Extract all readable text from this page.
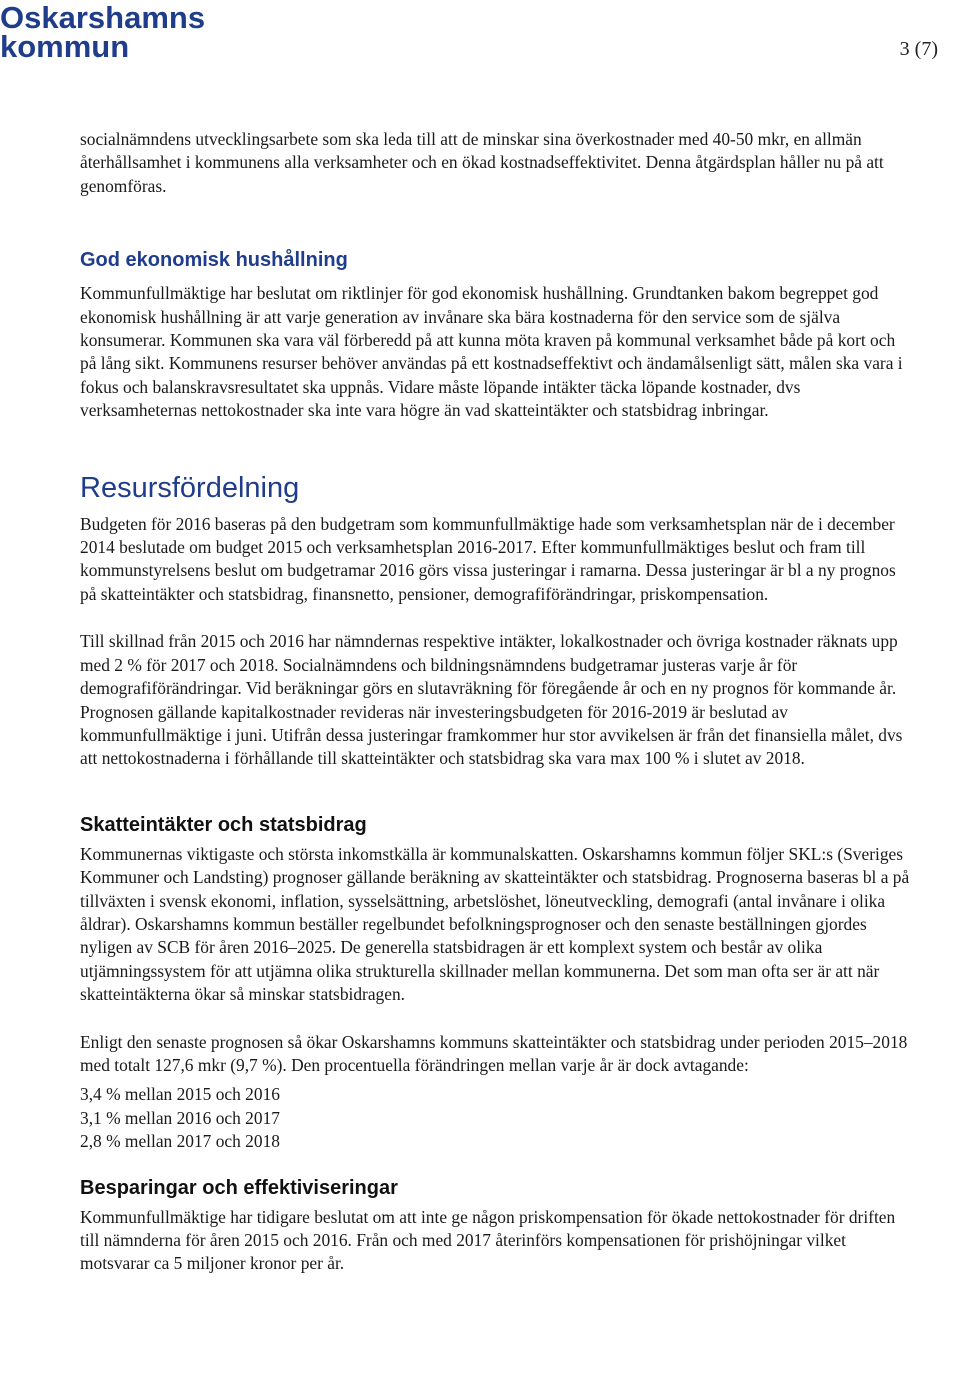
Oskarshamns
kommun	3 (7)

socialnämndens utvecklingsarbete som ska leda till att de minskar sina överkostnader med 40-50 mkr, en allmän återhållsamhet i kommunens alla verksamheter och en ökad kostnadseffektivitet. Denna åtgärdsplan håller nu på att genomföras.

God ekonomisk hushållning

Kommunfullmäktige har beslutat om riktlinjer för god ekonomisk hushållning. Grundtanken bakom begreppet god ekonomisk hushållning är att varje generation av invånare ska bära kostnaderna för den service som de själva konsumerar. Kommunen ska vara väl förberedd på att kunna möta kraven på kommunal verksamhet både på kort och på lång sikt. Kommunens resurser behöver användas på ett kostnadseffektivt och ändamålsenligt sätt, målen ska vara i fokus och balanskravsresultatet ska uppnås. Vidare måste löpande intäkter täcka löpande kostnader, dvs verksamheternas nettokostnader ska inte vara högre än vad skatteintäkter och statsbidrag inbringar.

Resursfördelning

Budgeten för 2016 baseras på den budgetram som kommunfullmäktige hade som verksamhetsplan när de i december 2014 beslutade om budget 2015 och verksamhetsplan 2016-2017. Efter kommunfullmäktiges beslut och fram till kommunstyrelsens beslut om budgetramar 2016 görs vissa justeringar i ramarna. Dessa justeringar är bl a ny prognos på skatteintäkter och statsbidrag, finansnetto, pensioner, demografiförändringar, priskompensation.

Till skillnad från 2015 och 2016 har nämndernas respektive intäkter, lokalkostnader och övriga kostnader räknats upp med 2 % för 2017 och 2018. Socialnämndens och bildningsnämndens budgetramar justeras varje år för demografiförändringar. Vid beräkningar görs en slutavräkning för föregående år och en ny prognos för kommande år. Prognosen gällande kapitalkostnader revideras när investeringsbudgeten för 2016-2019 är beslutad av kommunfullmäktige i juni. Utifrån dessa justeringar framkommer hur stor avvikelsen är från det finansiella målet, dvs att nettokostnaderna i förhållande till skatteintäkter och statsbidrag ska vara max 100 % i slutet av 2018.

Skatteintäkter och statsbidrag

Kommunernas viktigaste och största inkomstkälla är kommunalskatten. Oskarshamns kommun följer SKL:s (Sveriges Kommuner och Landsting) prognoser gällande beräkning av skatteintäkter och statsbidrag. Prognoserna baseras bl a på tillväxten i svensk ekonomi, inflation, sysselsättning, arbetslöshet, löneutveckling, demografi (antal invånare i olika åldrar). Oskarshamns kommun beställer regelbundet befolkningsprognoser och den senaste beställningen gjordes nyligen av SCB för åren 2016–2025. De generella statsbidragen är ett komplext system och består av olika utjämningssystem för att utjämna olika strukturella skillnader mellan kommunerna. Det som man ofta ser är att när skatteintäkterna ökar så minskar statsbidragen.

Enligt den senaste prognosen så ökar Oskarshamns kommuns skatteintäkter och statsbidrag under perioden 2015–2018 med totalt 127,6 mkr (9,7 %). Den procentuella förändringen mellan varje år är dock avtagande:

3,4 % mellan 2015 och 2016

3,1 % mellan 2016 och 2017

2,8 % mellan 2017 och 2018

Besparingar och effektiviseringar

Kommunfullmäktige har tidigare beslutat om att inte ge någon priskompensation för ökade nettokostnader för driften till nämnderna för åren 2015 och 2016. Från och med 2017 återinförs kompensationen för prishöjningar vilket motsvarar ca 5 miljoner kronor per år.
